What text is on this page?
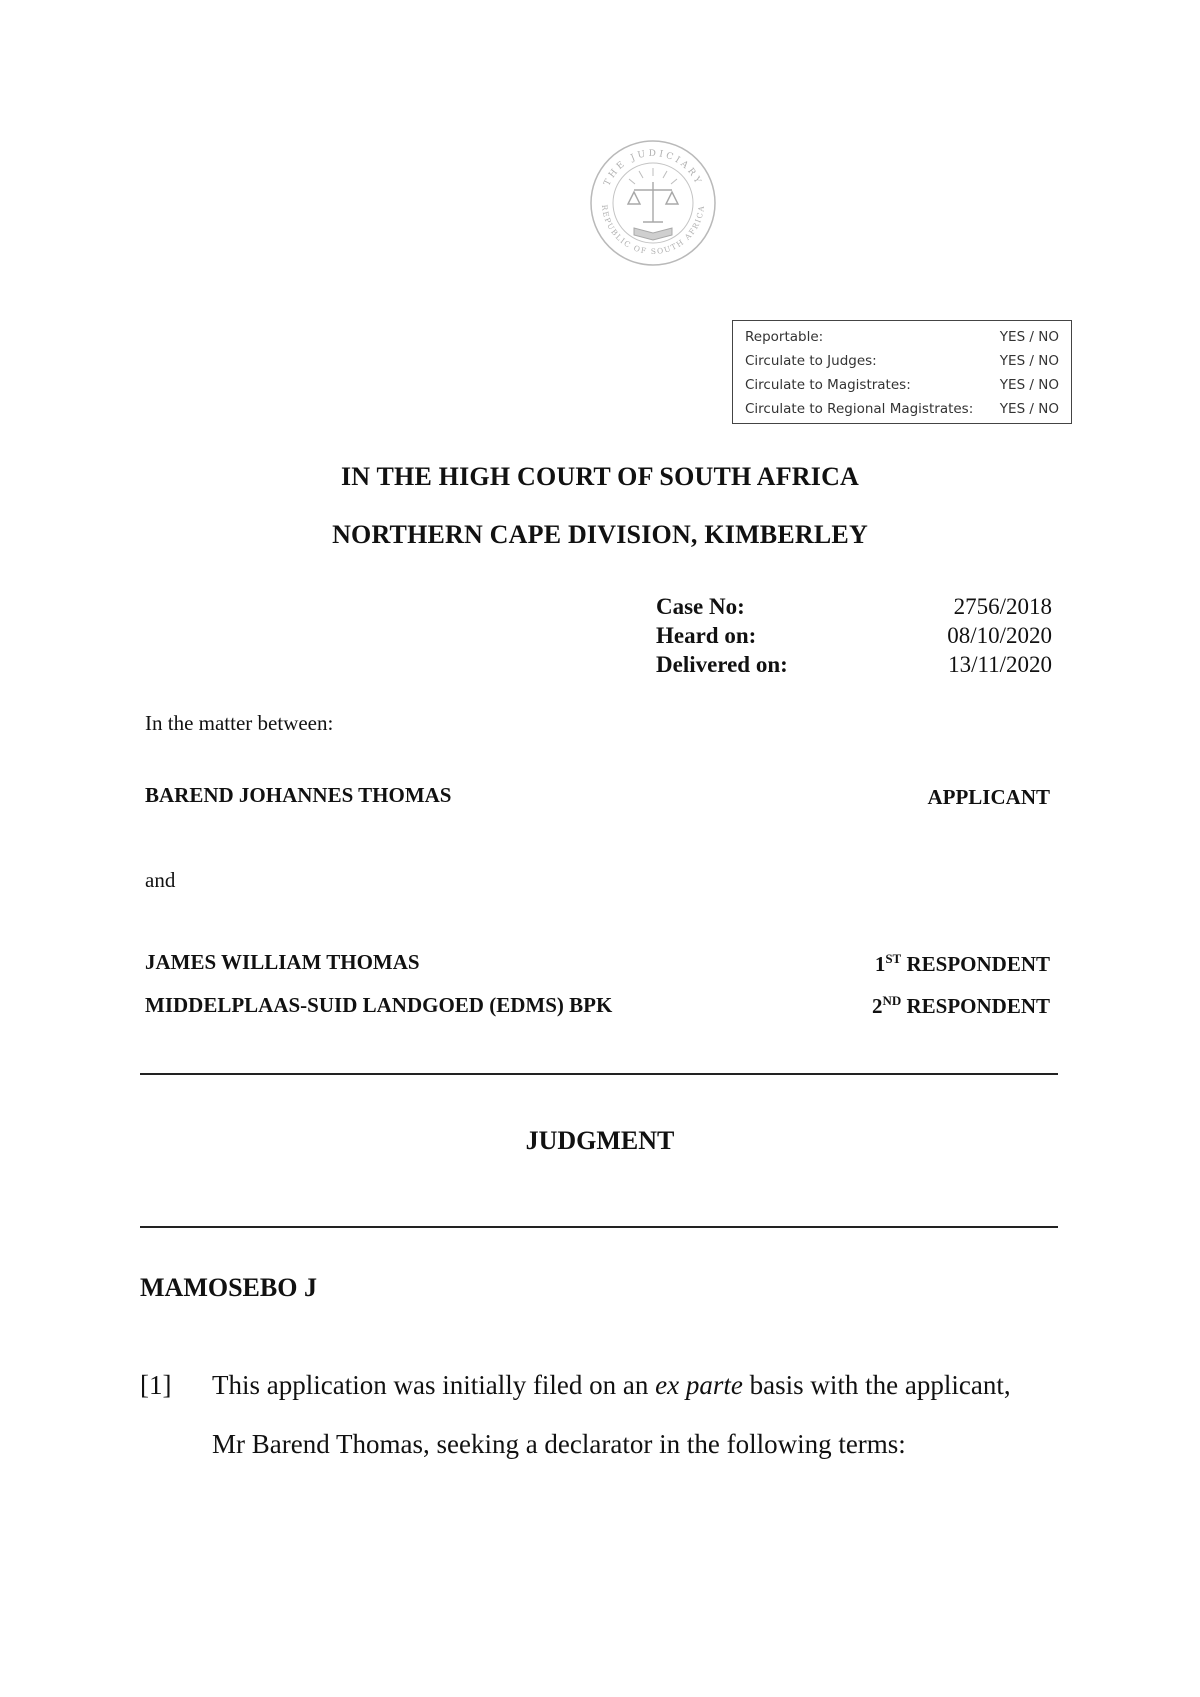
THE JUDICIARY
REPUBLIC OF SOUTH AFRICA
Reportable:	YES / NO
Circulate to Judges:	YES / NO
Circulate to Magistrates:	YES / NO
Circulate to Regional Magistrates: YES / NO
IN THE HIGH COURT OF SOUTH AFRICA
NORTHERN CAPE DIVISION, KIMBERLEY
Case No:	2756/2018
Heard on:	08/10/2020
Delivered on:	13/11/2020
In the matter between:
BAREND JOHANNES THOMAS	APPLICANT
and
JAMES WILLIAM THOMAS	1ST RESPONDENT
MIDDELPLAAS-SUID LANDGOED (EDMS) BPK	2ND RESPONDENT
JUDGMENT
MAMOSEBO J
[1] This application was initially filed on an ex parte basis with the applicant,
Mr Barend Thomas, seeking a declarator in the following terms:
